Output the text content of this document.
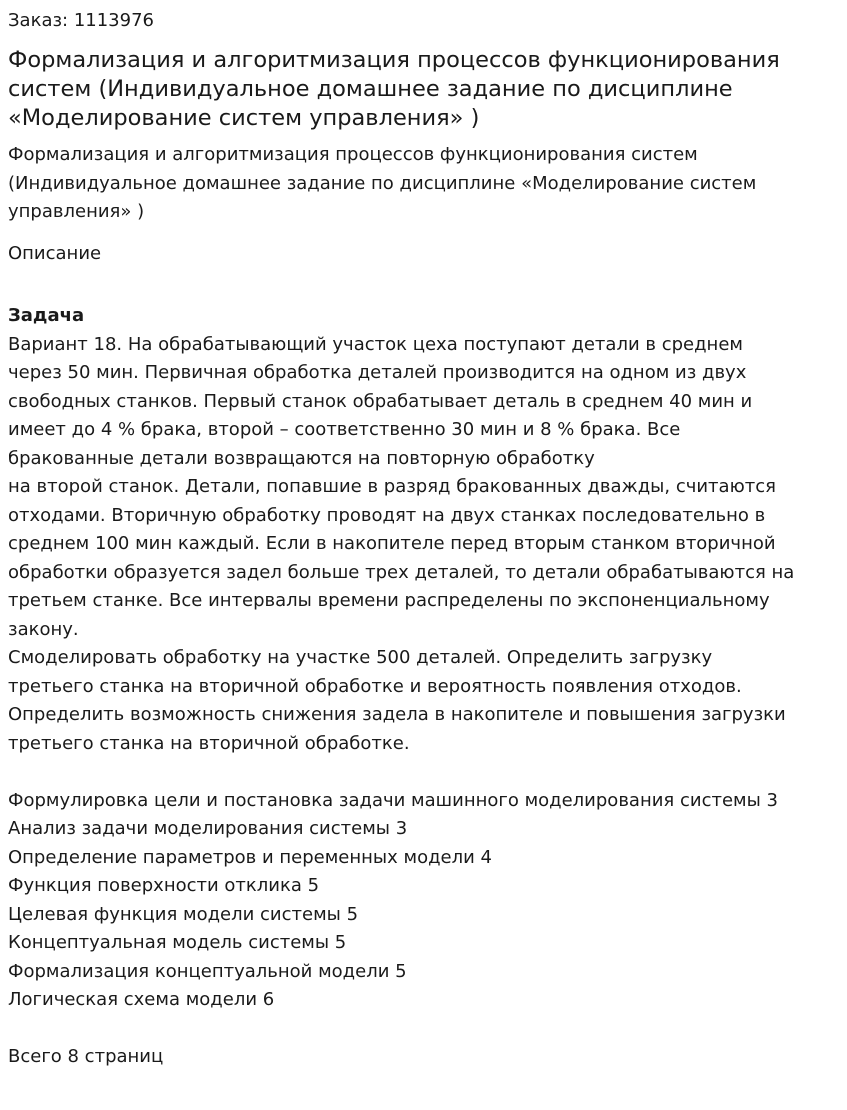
Заказ: 1113976

Формализация и алгоритмизация процессов функционирования систем (Индивидуальное домашнее задание по дисциплине «Моделирование систем управления» )

Формализация и алгоритмизация процессов функционирования систем (Индивидуальное домашнее задание по дисциплине «Моделирование систем управления» )

Описание

Задача

Вариант 18. На обрабатывающий участок цеха поступают детали в среднем

через 50 мин. Первичная обработка деталей производится на одном из двух

свободных станков. Первый станок обрабатывает деталь в среднем 40 мин и

имеет до 4 % брака, второй – соответственно 30 мин и 8 % брака. Все

бракованные детали возвращаются на повторную обработку

на второй станок. Детали, попавшие в разряд бракованных дважды, считаются

отходами. Вторичную обработку проводят на двух станках последовательно в

среднем 100 мин каждый. Если в накопителе перед вторым станком вторичной

обработки образуется задел больше трех деталей, то детали обрабатываются на

третьем станке. Все интервалы времени распределены по экспоненциальному

закону.

Смоделировать обработку на участке 500 деталей. Определить загрузку

третьего станка на вторичной обработке и вероятность появления отходов.

Определить возможность снижения задела в накопителе и повышения загрузки

третьего станка на вторичной обработке.

Формулировка цели и постановка задачи машинного моделирования системы 3

Анализ задачи моделирования системы 3

Определение параметров и переменных модели 4

Функция поверхности отклика 5

Целевая функция модели системы 5

Концептуальная модель системы 5

Формализация концептуальной модели 5

Логическая схема модели 6

Всего 8 страниц
